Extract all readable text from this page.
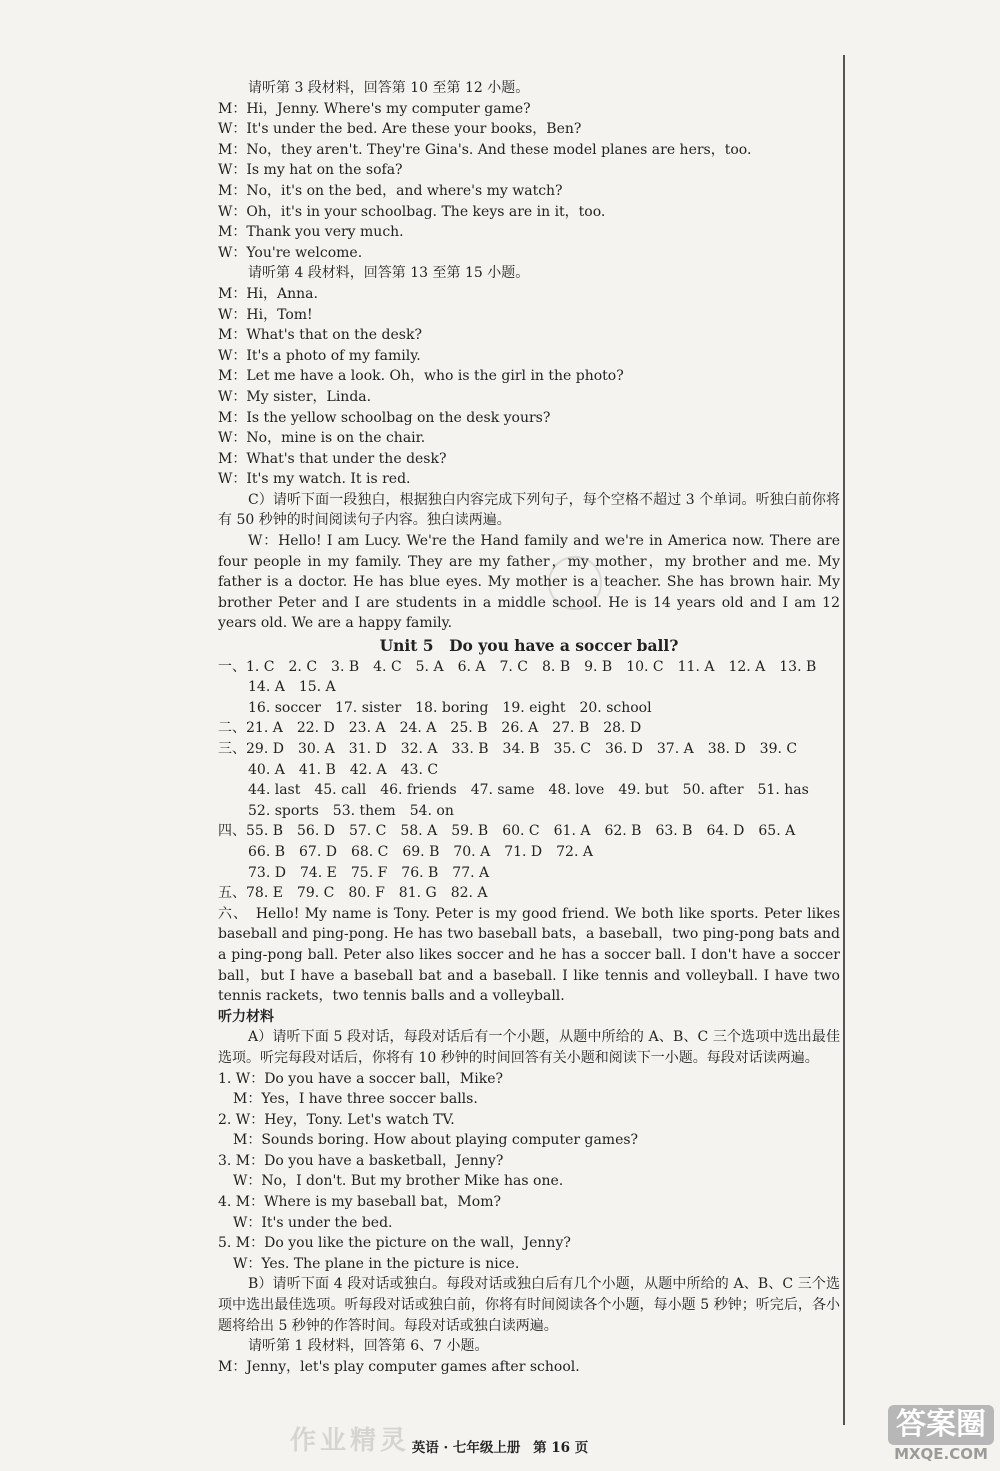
请听第 3 段材料，回答第 10 至第 12 小题。
M：Hi，Jenny. Where's my computer game?
W：It's under the bed. Are these your books，Ben?
M：No，they aren't. They're Gina's. And these model planes are hers，too.
W：Is my hat on the sofa?
M：No，it's on the bed，and where's my watch?
W：Oh，it's in your schoolbag. The keys are in it，too.
M：Thank you very much.
W：You're welcome.
请听第 4 段材料，回答第 13 至第 15 小题。
M：Hi，Anna.
W：Hi，Tom!
M：What's that on the desk?
W：It's a photo of my family.
M：Let me have a look. Oh，who is the girl in the photo?
W：My sister，Linda.
M：Is the yellow schoolbag on the desk yours?
W：No，mine is on the chair.
M：What's that under the desk?
W：It's my watch. It is red.
C）请听下面一段独白，根据独白内容完成下列句子，每个空格不超过 3 个单词。听独白前你将有 50 秒钟的时间阅读句子内容。独白读两遍。
W：Hello! I am Lucy. We're the Hand family and we're in America now. There are four people in my family. They are my father，my mother，my brother and me. My father is a doctor. He has blue eyes. My mother is a teacher. She has brown hair. My brother Peter and I are students in a middle school. He is 14 years old and I am 12 years old. We are a happy family.
Unit 5　Do you have a soccer ball?
一、1. C　2. C　3. B　4. C　5. A　6. A　7. C　8. B　9. B　10. C　11. A　12. A　13. B
14. A　15. A
16. soccer　17. sister　18. boring　19. eight　20. school
二、21. A　22. D　23. A　24. A　25. B　26. A　27. B　28. D
三、29. D　30. A　31. D　32. A　33. B　34. B　35. C　36. D　37. A　38. D　39. C
40. A　41. B　42. A　43. C
44. last　45. call　46. friends　47. same　48. love　49. but　50. after　51. has
52. sports　53. them　54. on
四、55. B　56. D　57. C　58. A　59. B　60. C　61. A　62. B　63. B　64. D　65. A
66. B　67. D　68. C　69. B　70. A　71. D　72. A
73. D　74. E　75. F　76. B　77. A
五、78. E　79. C　80. F　81. G　82. A
六、　Hello! My name is Tony. Peter is my good friend. We both like sports. Peter likes baseball and ping-pong. He has two baseball bats，a baseball，two ping-pong bats and a ping-pong ball. Peter also likes soccer and he has a soccer ball. I don't have a soccer ball，but I have a baseball bat and a baseball. I like tennis and volleyball. I have two tennis rackets，two tennis balls and a volleyball.
听力材料
A）请听下面 5 段对话，每段对话后有一个小题，从题中所给的 A、B、C 三个选项中选出最佳选项。听完每段对话后，你将有 10 秒钟的时间回答有关小题和阅读下一小题。每段对话读两遍。
1. W：Do you have a soccer ball，Mike?
M：Yes，I have three soccer balls.
2. W：Hey，Tony. Let's watch TV.
M：Sounds boring. How about playing computer games?
3. M：Do you have a basketball，Jenny?
W：No，I don't. But my brother Mike has one.
4. M：Where is my baseball bat，Mom?
W：It's under the bed.
5. M：Do you like the picture on the wall，Jenny?
W：Yes. The plane in the picture is nice.
B）请听下面 4 段对话或独白。每段对话或独白后有几个小题，从题中所给的 A、B、C 三个选项中选出最佳选项。听每段对话或独白前，你将有时间阅读各个小题，每小题 5 秒钟；听完后，各小题将给出 5 秒钟的作答时间。每段对话或独白读两遍。
请听第 1 段材料，回答第 6、7 小题。
M：Jenny，let's play computer games after school.
作业精灵 英语 · 七年级上册 第 16 页
答案圈
MXQE.COM
